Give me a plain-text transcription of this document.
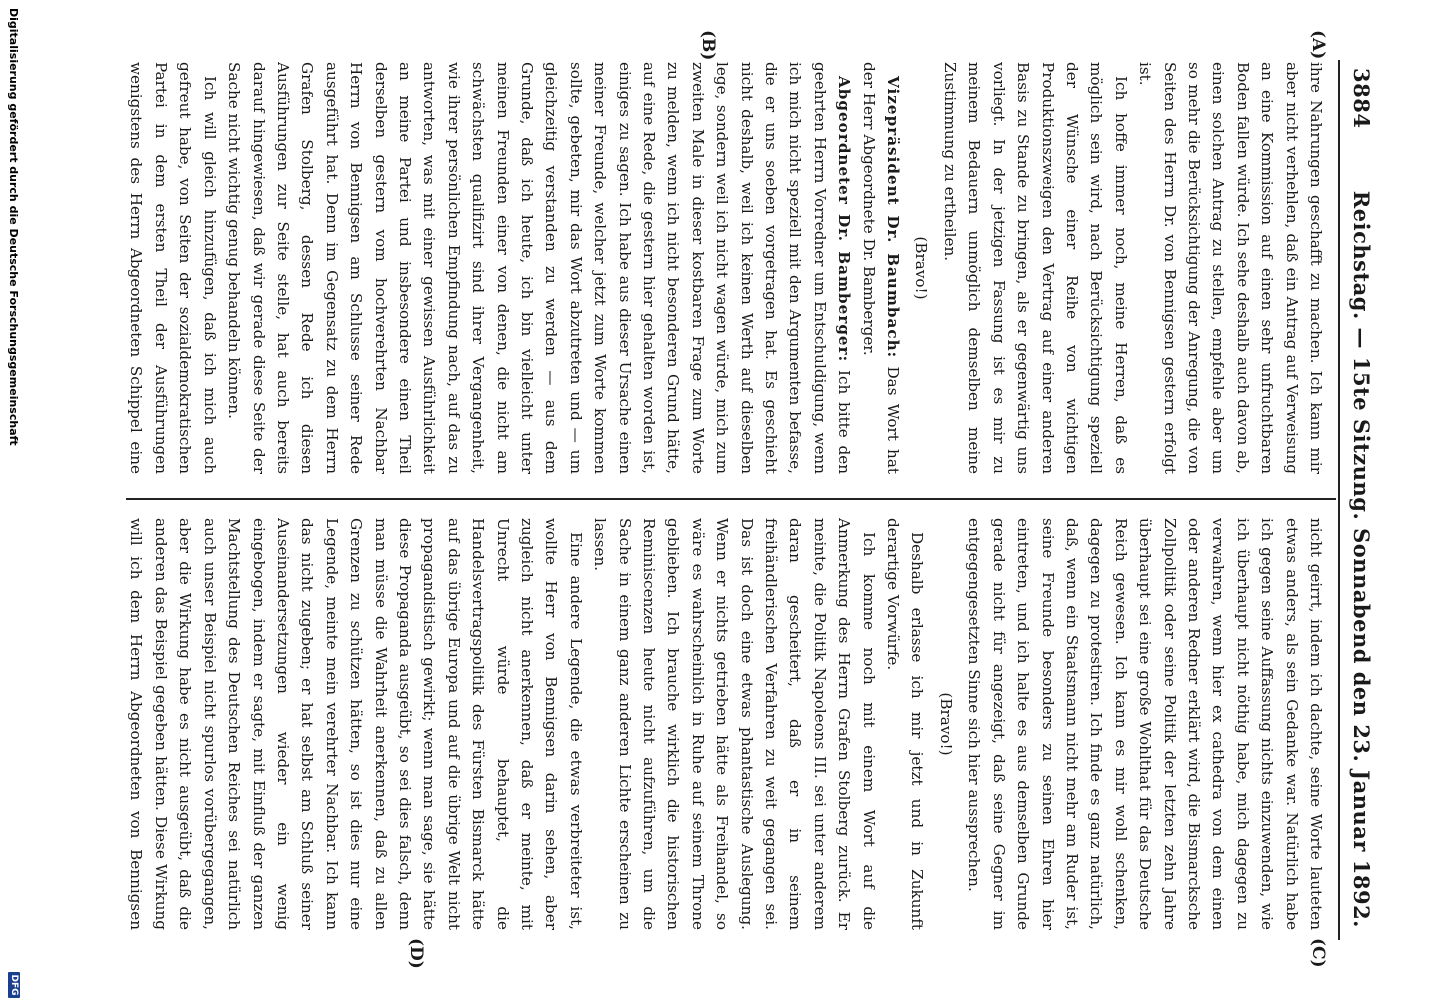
3884
Reichstag. — 15te Sitzung. Sonnabend den 23. Januar 1892.
(A)
(B)
(C)
(D)

ihre Nahrungen geschafft zu machen. Ich kann mir aber nicht verhehlen, daß ein Antrag auf Verweisung an eine Kommission auf einen sehr unfruchtbaren Boden fallen würde. Ich sehe deshalb auch davon ab, einen solchen Antrag zu stellen, empfehle aber um so mehr die Berücksichtigung der Anregung, die von Seiten des Herrn Dr. von Bennigsen gestern erfolgt ist.

Ich hoffe immer noch, meine Herren, daß es möglich sein wird, nach Berücksichtigung speziell der Wünsche einer Reihe von wichtigen Produktionszweigen den Vertrag auf einer anderen Basis zu Stande zu bringen, als er gegenwärtig uns vorliegt. In der jetzigen Fassung ist es mir zu meinem Bedauern unmöglich demselben meine Zustimmung zu ertheilen.

(Bravo!)

Vizepräsident Dr. Baumbach: Das Wort hat der Herr Abgeordnete Dr. Bamberger.

Abgeordneter Dr. Bamberger: Ich bitte den geehrten Herrn Vorredner um Entschuldigung, wenn ich mich nicht speziell mit den Argumenten befasse, die er uns soeben vorgetragen hat. Es geschieht nicht deshalb, weil ich keinen Werth auf dieselben lege, sondern weil ich nicht wagen würde, mich zum zweiten Male in dieser kostbaren Frage zum Worte zu melden, wenn ich nicht besonderen Grund hätte, auf eine Rede, die gestern hier gehalten worden ist, einiges zu sagen. Ich habe aus dieser Ursache einen meiner Freunde, welcher jetzt zum Worte kommen sollte, gebeten, mir das Wort abzutreten und — um gleichzeitig verstanden zu werden — aus dem Grunde, daß ich heute, ich bin vielleicht unter meinen Freunden einer von denen, die nicht am schwächsten qualifizirt sind ihrer Vergangenheit, wie ihrer persönlichen Empfindung nach, auf das zu antworten, was mit einer gewissen Ausführlichkeit an meine Partei und insbesondere einen Theil derselben gestern vom hochverehrten Nachbar Herrn von Bennigsen am Schlusse seiner Rede ausgeführt hat. Denn im Gegensatz zu dem Herrn Grafen Stolberg, dessen Rede ich diesen Ausführungen zur Seite stelle, hat auch bereits darauf hingewiesen, daß wir gerade diese Seite der Sache nicht wichtig genug behandeln können.

Ich will gleich hinzufügen, daß ich mich auch gefreut habe, von Seiten der sozialdemokratischen Partei in dem ersten Theil der Ausführungen wenigstens des Herrn Abgeordneten Schippel eine

nicht geirrt, indem ich dachte, seine Worte lauteten etwas anders, als sein Gedanke war. Natürlich habe ich gegen seine Auffassung nichts einzuwenden, wie ich überhaupt nicht nöthig habe, mich dagegen zu verwahren, wenn hier ex cathedra von dem einen oder anderen Redner erklärt wird, die Bismarcksche Zollpolitik oder seine Politik der letzten zehn Jahre überhaupt sei eine große Wohlthat für das Deutsche Reich gewesen. Ich kann es mir wohl schenken, dagegen zu protestiren. Ich finde es ganz natürlich, daß, wenn ein Staatsmann nicht mehr am Ruder ist, seine Freunde besonders zu seinen Ehren hier eintreten, und ich halte es aus demselben Grunde gerade nicht für angezeigt, daß seine Gegner im entgegengesetzten Sinne sich hier aussprechen.

(Bravo!)

Deshalb erlasse ich mir jetzt und in Zukunft derartige Vorwürfe.

Ich komme noch mit einem Wort auf die Anmerkung des Herrn Grafen Stolberg zurück. Er meinte, die Politik Napoleons III. sei unter anderem daran gescheitert, daß er in seinem freihändlerischen Verfahren zu weit gegangen sei. Das ist doch eine etwas phantastische Auslegung. Wenn er nichts getrieben hätte als Freihandel, so wäre es wahrscheinlich in Ruhe auf seinem Throne geblieben. Ich brauche wirklich die historischen Reminiscenzen heute nicht aufzuführen, um die Sache in einem ganz anderen Lichte erscheinen zu lassen.

Eine andere Legende, die etwas verbreiteter ist, wollte Herr von Bennigsen darin sehen, aber zugleich nicht anerkennen, daß er meinte, mit Unrecht würde behauptet, die Handelsvertragspolitik des Fürsten Bismarck hätte auf das übrige Europa und auf die übrige Welt nicht propagandistisch gewirkt; wenn man sage, sie hätte diese Propaganda ausgeübt, so sei dies falsch, denn man müsse die Wahrheit anerkennen, daß zu allen Grenzen zu schützen hätten, so ist dies nur eine Legende, meinte mein verehrter Nachbar. Ich kann das nicht zugeben; er hat selbst am Schluß seiner Auseinandersetzungen wieder ein wenig eingebogen, indem er sagte, mit Einfluß der ganzen Machtstellung des Deutschen Reiches sei natürlich auch unser Beispiel nicht spurlos vorübergegangen, aber die Wirkung habe es nicht ausgeübt, daß die anderen das Beispiel gegeben hätten. Diese Wirkung will ich dem Herrn Abgeordneten von Bennigsen

Digitalisierung gefördert durch die Deutsche Forschungsgemeinschaft
DFG
